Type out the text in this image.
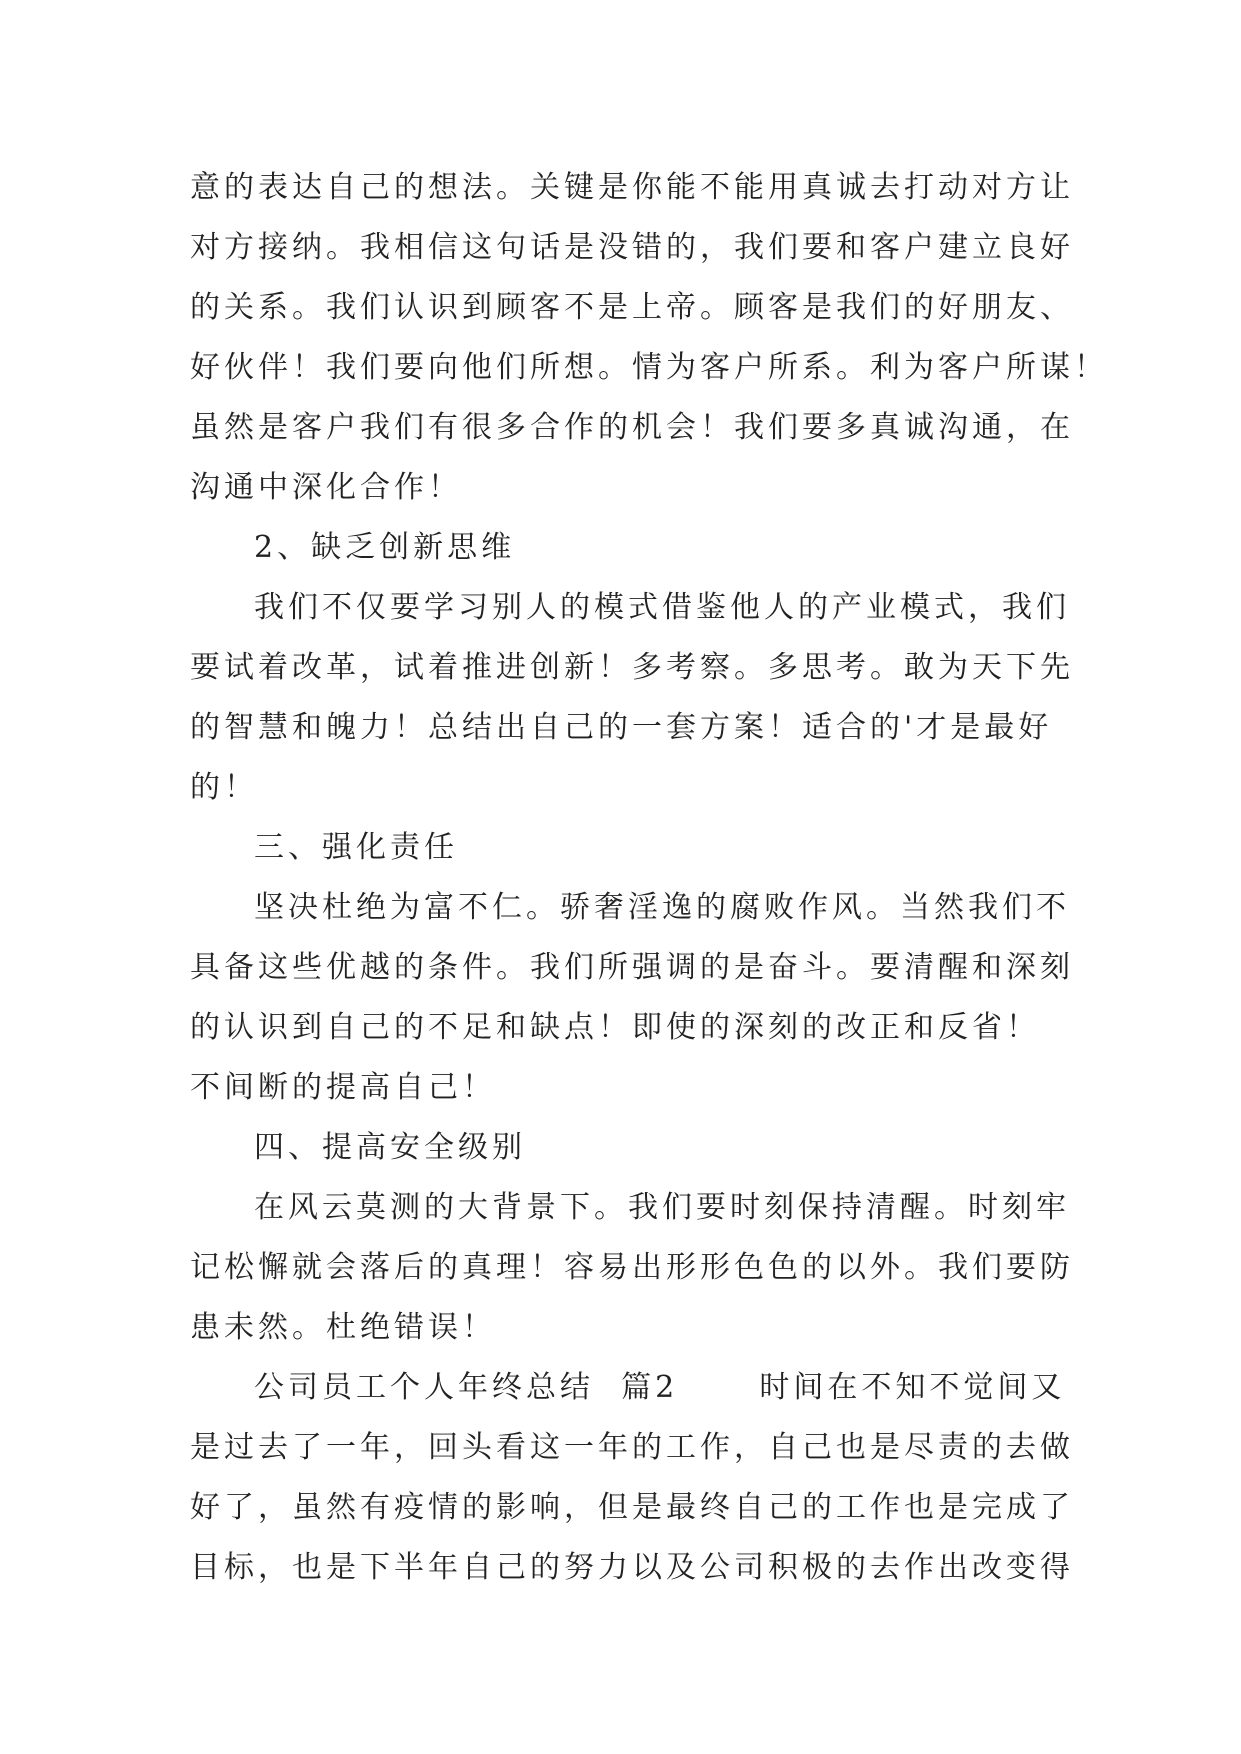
意的表达自己的想法。关键是你能不能用真诚去打动对方让
对方接纳。我相信这句话是没错的，我们要和客户建立良好
的关系。我们认识到顾客不是上帝。顾客是我们的好朋友、
好伙伴！我们要向他们所想。情为客户所系。利为客户所谋！
虽然是客户我们有很多合作的机会！我们要多真诚沟通，在
沟通中深化合作！
2、缺乏创新思维
我们不仅要学习别人的模式借鉴他人的产业模式，我们
要试着改革，试着推进创新！多考察。多思考。敢为天下先
的智慧和魄力！总结出自己的一套方案！适合的'才是最好
的！
三、强化责任
坚决杜绝为富不仁。骄奢淫逸的腐败作风。当然我们不
具备这些优越的条件。我们所强调的是奋斗。要清醒和深刻
的认识到自己的不足和缺点！即使的深刻的改正和反省！
不间断的提高自己！
四、提高安全级别
在风云莫测的大背景下。我们要时刻保持清醒。时刻牢
记松懈就会落后的真理！容易出形形色色的以外。我们要防
患未然。杜绝错误！
公司员工个人年终总结  篇2      时间在不知不觉间又
是过去了一年，回头看这一年的工作，自己也是尽责的去做
好了，虽然有疫情的影响，但是最终自己的工作也是完成了
目标，也是下半年自己的努力以及公司积极的去作出改变得
